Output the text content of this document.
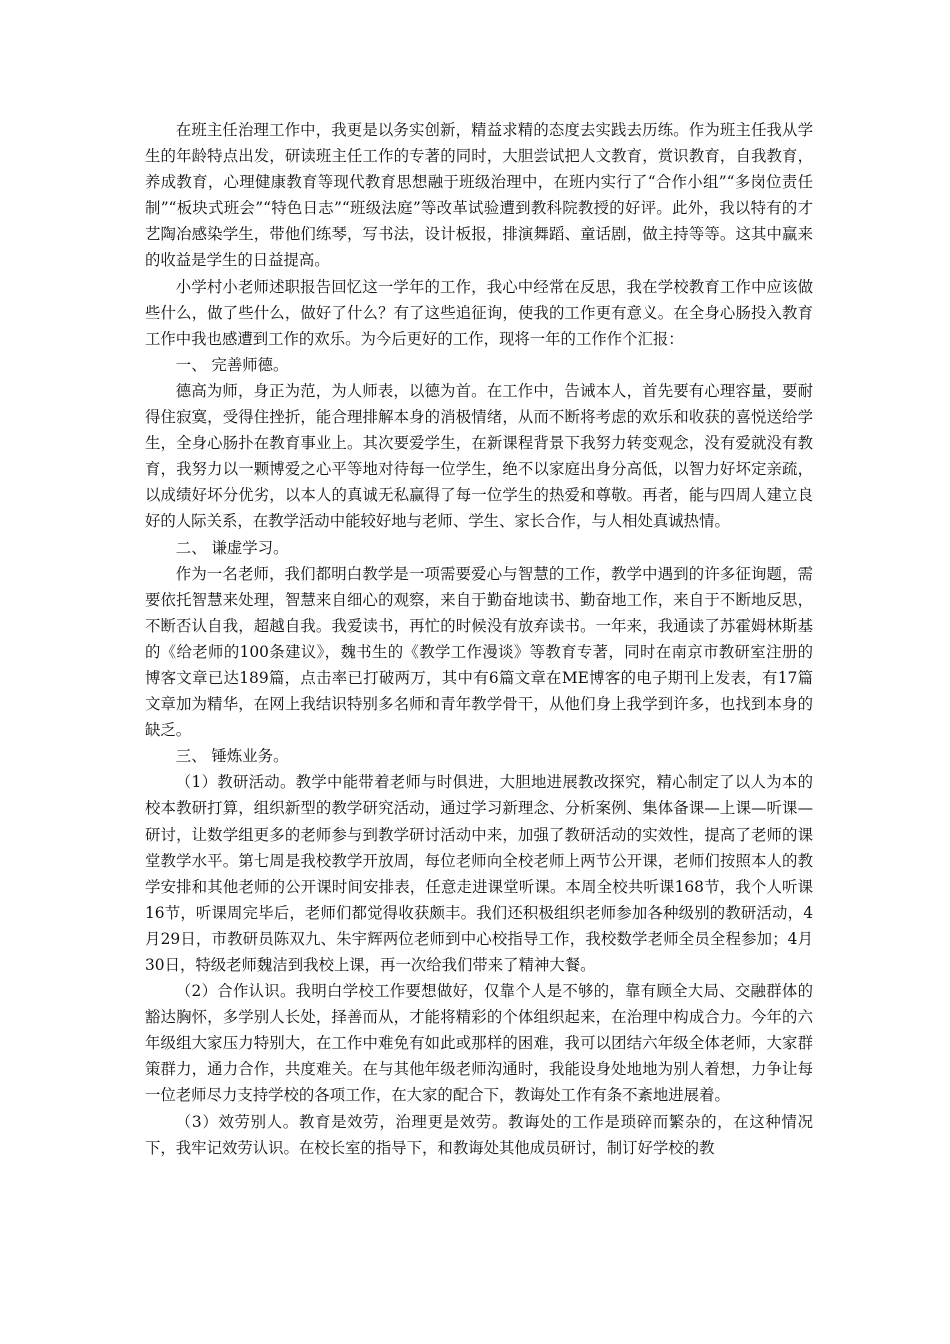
在班主任治理工作中，我更是以务实创新，精益求精的态度去实践去历练。作为班主任我从学生的年龄特点出发，研读班主任工作的专著的同时，大胆尝试把人文教育，赏识教育，自我教育，养成教育，心理健康教育等现代教育思想融于班级治理中，在班内实行了“合作小组”“多岗位责任制”“板块式班会”“特色日志”“班级法庭”等改革试验遭到教科院教授的好评。此外，我以特有的才艺陶冶感染学生，带他们练琴，写书法，设计板报，排演舞蹈、童话剧，做主持等等。这其中赢来的收益是学生的日益提高。

小学村小老师述职报告回忆这一学年的工作，我心中经常在反思，我在学校教育工作中应该做些什么，做了些什么，做好了什么？有了这些追征询，使我的工作更有意义。在全身心肠投入教育工作中我也感遭到工作的欢乐。为今后更好的工作，现将一年的工作作个汇报：

一、 完善师德。

德高为师，身正为范，为人师表，以德为首。在工作中，告诫本人，首先要有心理容量，要耐得住寂寞，受得住挫折，能合理排解本身的消极情绪，从而不断将考虑的欢乐和收获的喜悦送给学生，全身心肠扑在教育事业上。其次要爱学生，在新课程背景下我努力转变观念，没有爱就没有教育，我努力以一颗博爱之心平等地对待每一位学生，绝不以家庭出身分高低，以智力好坏定亲疏，以成绩好坏分优劣，以本人的真诚无私赢得了每一位学生的热爱和尊敬。再者，能与四周人建立良好的人际关系，在教学活动中能较好地与老师、学生、家长合作，与人相处真诚热情。

二、 谦虚学习。

作为一名老师，我们都明白教学是一项需要爱心与智慧的工作，教学中遇到的许多征询题，需要依托智慧来处理，智慧来自细心的观察，来自于勤奋地读书、勤奋地工作，来自于不断地反思，不断否认自我，超越自我。我爱读书，再忙的时候没有放弃读书。一年来，我通读了苏霍姆林斯基的《给老师的100条建议》，魏书生的《教学工作漫谈》等教育专著，同时在南京市教研室注册的博客文章已达189篇，点击率已打破两万，其中有6篇文章在ME博客的电子期刊上发表，有17篇文章加为精华，在网上我结识特别多名师和青年教学骨干，从他们身上我学到许多，也找到本身的缺乏。

三、 锤炼业务。

（1）教研活动。教学中能带着老师与时俱进，大胆地进展教改探究，精心制定了以人为本的校本教研打算，组织新型的教学研究活动，通过学习新理念、分析案例、集体备课—上课—听课—研讨，让数学组更多的老师参与到教学研讨活动中来，加强了教研活动的实效性，提高了老师的课堂教学水平。第七周是我校教学开放周，每位老师向全校老师上两节公开课，老师们按照本人的教学安排和其他老师的公开课时间安排表，任意走进课堂听课。本周全校共听课168节，我个人听课16节，听课周完毕后，老师们都觉得收获颇丰。我们还积极组织老师参加各种级别的教研活动，4月29日，市教研员陈双九、朱宇辉两位老师到中心校指导工作，我校数学老师全员全程参加；4月30日，特级老师魏洁到我校上课，再一次给我们带来了精神大餐。

（2）合作认识。我明白学校工作要想做好，仅靠个人是不够的，靠有顾全大局、交融群体的豁达胸怀，多学别人长处，择善而从，才能将精彩的个体组织起来，在治理中构成合力。今年的六年级组大家压力特别大，在工作中难免有如此或那样的困难，我可以团结六年级全体老师，大家群策群力，通力合作，共度难关。在与其他年级老师沟通时，我能设身处地地为别人着想，力争让每一位老师尽力支持学校的各项工作，在大家的配合下，教诲处工作有条不紊地进展着。

（3）效劳别人。教育是效劳，治理更是效劳。教诲处的工作是琐碎而繁杂的，在这种情况下，我牢记效劳认识。在校长室的指导下，和教诲处其他成员研讨，制订好学校的教
